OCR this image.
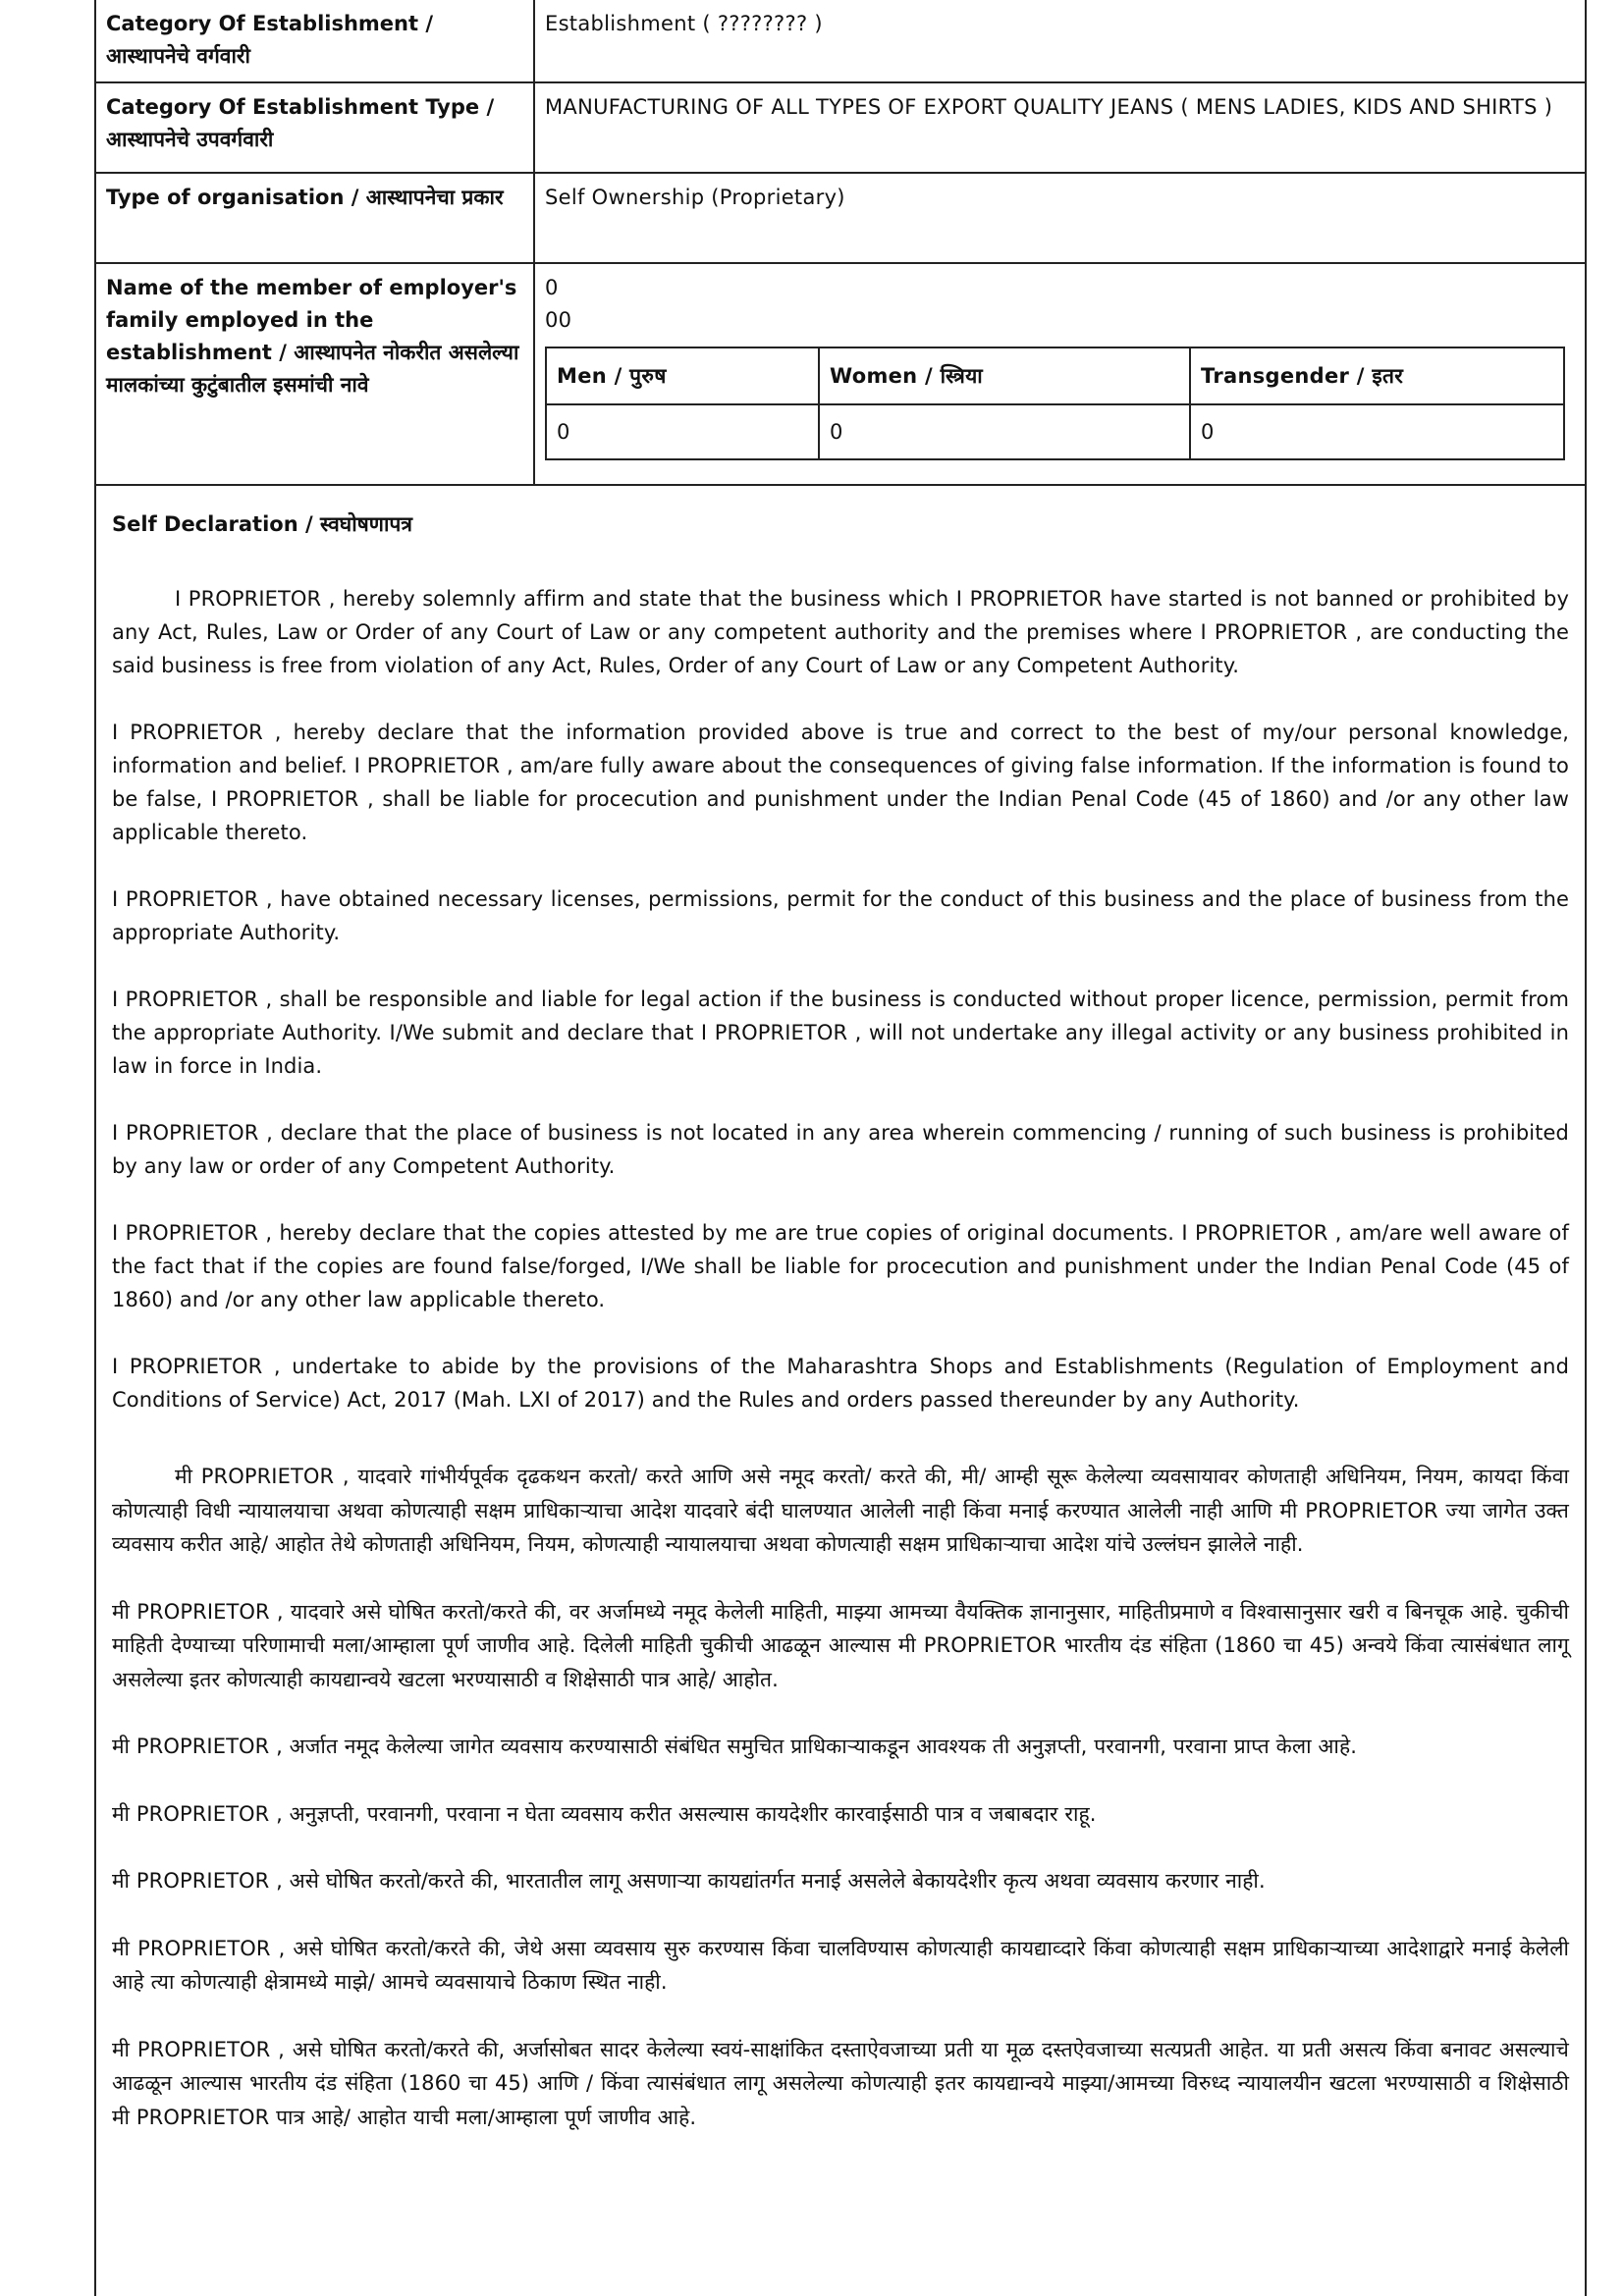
Category Of Establishment / आस्थापनेचे वर्गवारी	Establishment ( ???????? )
Category Of Establishment Type / आस्थापनेचे उपवर्गवारी	MANUFACTURING OF ALL TYPES OF EXPORT QUALITY JEANS ( MENS LADIES, KIDS AND SHIRTS )
Type of organisation / आस्थापनेचा प्रकार	Self Ownership (Proprietary)
Name of the member of employer's family employed in the establishment / आस्थापनेत नोकरीत असलेल्या मालकांच्या कुटुंबातील इसमांची नावे	
0
00
Men / पुरुष	Women / स्त्रिया	Transgender / इतर
0	0	0
Self Declaration / स्वघोषणापत्र

I PROPRIETOR , hereby solemnly affirm and state that the business which I PROPRIETOR have started is not banned or prohibited by any Act, Rules, Law or Order of any Court of Law or any competent authority and the premises where I PROPRIETOR , are conducting the said business is free from violation of any Act, Rules, Order of any Court of Law or any Competent Authority.

I PROPRIETOR , hereby declare that the information provided above is true and correct to the best of my/our personal knowledge, information and belief. I PROPRIETOR , am/are fully aware about the consequences of giving false information. If the information is found to be false, I PROPRIETOR , shall be liable for procecution and punishment under the Indian Penal Code (45 of 1860) and /or any other law applicable thereto.

I PROPRIETOR , have obtained necessary licenses, permissions, permit for the conduct of this business and the place of business from the appropriate Authority.

I PROPRIETOR , shall be responsible and liable for legal action if the business is conducted without proper licence, permission, permit from the appropriate Authority. I/We submit and declare that I PROPRIETOR , will not undertake any illegal activity or any business prohibited in law in force in India.

I PROPRIETOR , declare that the place of business is not located in any area wherein commencing / running of such business is prohibited by any law or order of any Competent Authority.

I PROPRIETOR , hereby declare that the copies attested by me are true copies of original documents. I PROPRIETOR , am/are well aware of the fact that if the copies are found false/forged, I/We shall be liable for procecution and punishment under the Indian Penal Code (45 of 1860) and /or any other law applicable thereto.

I PROPRIETOR , undertake to abide by the provisions of the Maharashtra Shops and Establishments (Regulation of Employment and Conditions of Service) Act, 2017 (Mah. LXI of 2017) and the Rules and orders passed thereunder by any Authority.

मी PROPRIETOR , यादवारे गांभीर्यपूर्वक दृढकथन करतो/ करते आणि असे नमूद करतो/ करते की, मी/ आम्ही सूरू केलेल्या व्यवसायावर कोणताही अधिनियम, नियम, कायदा किंवा कोणत्याही विधी न्यायालयाचा अथवा कोणत्याही सक्षम प्राधिकाऱ्याचा आदेश यादवारे बंदी घालण्यात आलेली नाही किंवा मनाई करण्यात आलेली नाही आणि मी PROPRIETOR ज्या जागेत उक्त व्यवसाय करीत आहे/ आहोत तेथे कोणताही अधिनियम, नियम, कोणत्याही न्यायालयाचा अथवा कोणत्याही सक्षम प्राधिकाऱ्याचा आदेश यांचे उल्लंघन झालेले नाही.

मी PROPRIETOR , यादवारे असे घोषित करतो/करते की, वर अर्जामध्ये नमूद केलेली माहिती, माझ्या आमच्या वैयक्तिक ज्ञानानुसार, माहितीप्रमाणे व विश्वासानुसार खरी व बिनचूक आहे. चुकीची माहिती देण्याच्या परिणामाची मला/आम्हाला पूर्ण जाणीव आहे. दिलेली माहिती चुकीची आढळून आल्यास मी PROPRIETOR भारतीय दंड संहिता (1860 चा 45) अन्वये किंवा त्यासंबंधात लागू असलेल्या इतर कोणत्याही कायद्यान्वये खटला भरण्यासाठी व शिक्षेसाठी पात्र आहे/ आहोत.

मी PROPRIETOR , अर्जात नमूद केलेल्या जागेत व्यवसाय करण्यासाठी संबंधित समुचित प्राधिकाऱ्याकडून आवश्यक ती अनुज्ञप्ती, परवानगी, परवाना प्राप्त केला आहे.

मी PROPRIETOR , अनुज्ञप्ती, परवानगी, परवाना न घेता व्यवसाय करीत असल्यास कायदेशीर कारवाईसाठी पात्र व जबाबदार राहू.

मी PROPRIETOR , असे घोषित करतो/करते की, भारतातील लागू असणाऱ्या कायद्यांतर्गत मनाई असलेले बेकायदेशीर कृत्य अथवा व्यवसाय करणार नाही.

मी PROPRIETOR , असे घोषित करतो/करते की, जेथे असा व्यवसाय सुरु करण्यास किंवा चालविण्यास कोणत्याही कायद्याव्दारे किंवा कोणत्याही सक्षम प्राधिकाऱ्याच्या आदेशाद्वारे मनाई केलेली आहे त्या कोणत्याही क्षेत्रामध्ये माझे/ आमचे व्यवसायाचे ठिकाण स्थित नाही.

मी PROPRIETOR , असे घोषित करतो/करते की, अर्जासोबत सादर केलेल्या स्वयं-साक्षांकित दस्ताऐवजाच्या प्रती या मूळ दस्तऐवजाच्या सत्यप्रती आहेत. या प्रती असत्य किंवा बनावट असल्याचे आढळून आल्यास भारतीय दंड संहिता (1860 चा 45) आणि / किंवा त्यासंबंधात लागू असलेल्या कोणत्याही इतर कायद्यान्वये माझ्या/आमच्या विरुध्द न्यायालयीन खटला भरण्यासाठी व शिक्षेसाठी मी PROPRIETOR पात्र आहे/ आहोत याची मला/आम्हाला पूर्ण जाणीव आहे.
